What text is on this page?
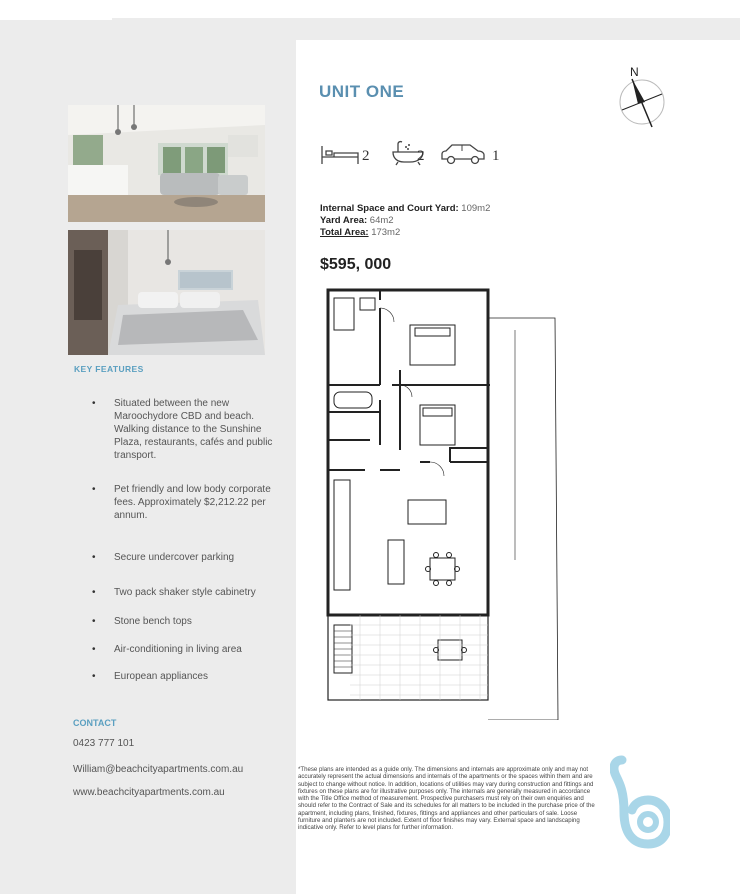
KEY FEATURES
• Situated between the new Maroochydore CBD and beach. Walking distance to the Sunshine Plaza, restaurants, cafés and public transport.
• Pet friendly and low body corporate fees. Approximately $2,212.22 per annum.
• Secure undercover parking
• Two pack shaker style cabinetry
• Stone bench tops
• Air-conditioning in living area
• European appliances
CONTACT
0423 777 101
William@beachcityapartments.com.au
www.beachcityapartments.com.au
UNIT ONE
N
2	2	1
Internal Space and Court Yard: 109m2
Yard Area: 64m2
Total Area: 173m2
$595, 000
*These plans are intended as a guide only. The dimensions and internals are approximate only and may not accurately represent the actual dimensions and internals of the apartments or the spaces within them and are subject to change without notice. In addition, locations of utilities may vary during construction and fittings and fixtures on these plans are for illustrative purposes only. The internals are generally measured in accordance with the Title Office method of measurement. Prospective purchasers must rely on their own enquiries and should refer to the Contract of Sale and its schedules for all matters to be included in the purchase price of the apartment, including plans, finished, fixtures, fittings and appliances and other particulars of sale. Loose furniture and planters are not included. Extent of floor finishes may vary. External space and landscaping indicative only. Refer to level plans for further information.
